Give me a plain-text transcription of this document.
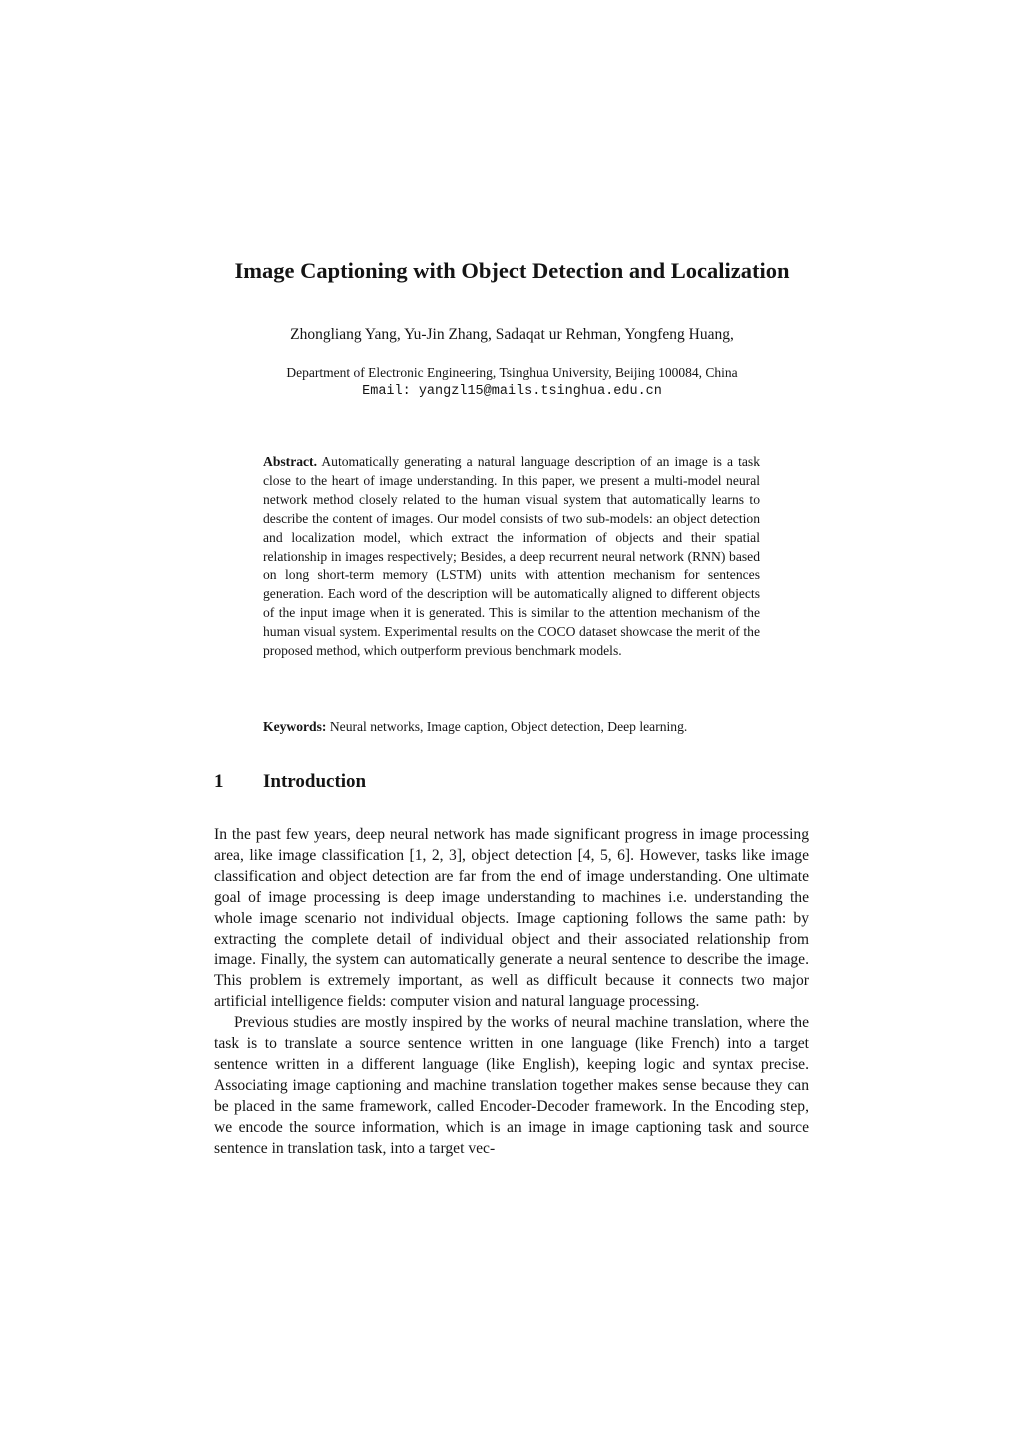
Image Captioning with Object Detection and Localization
Zhongliang Yang, Yu-Jin Zhang, Sadaqat ur Rehman, Yongfeng Huang,
Department of Electronic Engineering, Tsinghua University, Beijing 100084, China
Email: yangzl15@mails.tsinghua.edu.cn
Abstract. Automatically generating a natural language description of an image is a task close to the heart of image understanding. In this paper, we present a multi-model neural network method closely related to the human visual system that automatically learns to describe the content of images. Our model consists of two sub-models: an object detection and localization model, which extract the information of objects and their spatial relationship in images respectively; Besides, a deep recurrent neural network (RNN) based on long short-term memory (LSTM) units with attention mechanism for sentences generation. Each word of the description will be automatically aligned to different objects of the input image when it is generated. This is similar to the attention mechanism of the human visual system. Experimental results on the COCO dataset showcase the merit of the proposed method, which outperform previous benchmark models.
Keywords: Neural networks, Image caption, Object detection, Deep learning.
1 Introduction

In the past few years, deep neural network has made significant progress in image processing area, like image classification [1, 2, 3], object detection [4, 5, 6]. However, tasks like image classification and object detection are far from the end of image understanding. One ultimate goal of image processing is deep image understanding to machines i.e. understanding the whole image scenario not individual objects. Image captioning follows the same path: by extracting the complete detail of individual object and their associated relationship from image. Finally, the system can automatically generate a neural sentence to describe the image. This problem is extremely important, as well as difficult because it connects two major artificial intelligence fields: computer vision and natural language processing.

Previous studies are mostly inspired by the works of neural machine translation, where the task is to translate a source sentence written in one language (like French) into a target sentence written in a different language (like English), keeping logic and syntax precise. Associating image captioning and machine translation together makes sense because they can be placed in the same framework, called Encoder-Decoder framework. In the Encoding step, we encode the source information, which is an image in image captioning task and source sentence in translation task, into a target vec-
